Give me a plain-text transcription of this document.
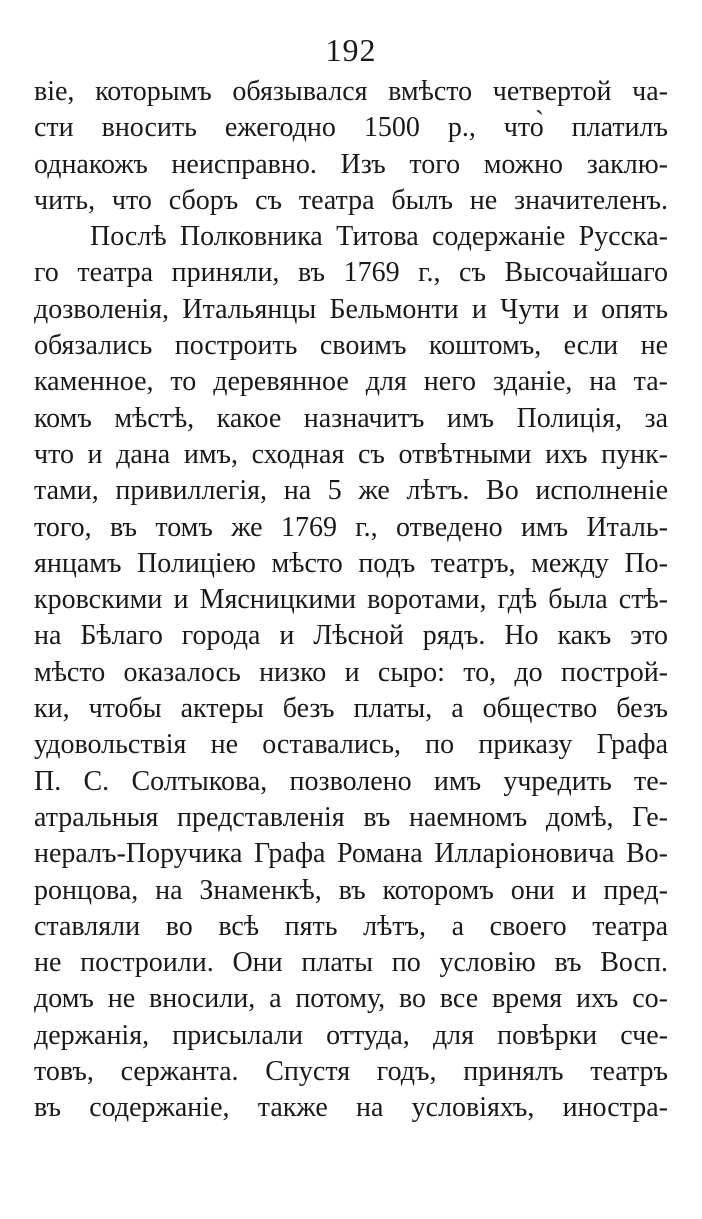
192
віе, которымъ обязывался вмѣсто четвертой ча-
сти вносить ежегодно 1500 р., что̀ платилъ
однакожъ неисправно. Изъ того можно заклю-
чить, что сборъ съ театра былъ не значителенъ.
Послѣ Полковника Титова содержаніе Русска-
го театра приняли, въ 1769 г., съ Высочайшаго
дозволенія, Итальянцы Бельмонти и Чути и опять
обязались построить своимъ коштомъ, если не
каменное, то деревянное для него зданіе, на та-
комъ мѣстѣ, какое назначитъ имъ Полиція, за
что и дана имъ, сходная съ отвѣтными ихъ пунк-
тами, привиллегія, на 5 же лѣтъ. Во исполненіе
того, въ томъ же 1769 г., отведено имъ Италь-
янцамъ Полиціею мѣсто подъ театръ, между По-
кровскими и Мясницкими воротами, гдѣ была стѣ-
на Бѣлаго города и Лѣсной рядъ. Но какъ это
мѣсто оказалось низко и сыро: то, до построй-
ки, чтобы актеры безъ платы, а общество безъ
удовольствія не оставались, по приказу Графа
П. С. Солтыкова, позволено имъ учредить те-
атральныя представленія въ наемномъ домѣ, Ге-
нералъ-Поручика Графа Романа Илларіоновича Во-
ронцова, на Знаменкѣ, въ которомъ они и пред-
ставляли во всѣ пять лѣтъ, а своего театра
не построили. Они платы по условію въ Восп.
домъ не вносили, а потому, во все время ихъ со-
держанія, присылали оттуда, для повѣрки сче-
товъ, сержанта. Спустя годъ, принялъ театръ
въ содержаніе, также на условіяхъ, иностра-
